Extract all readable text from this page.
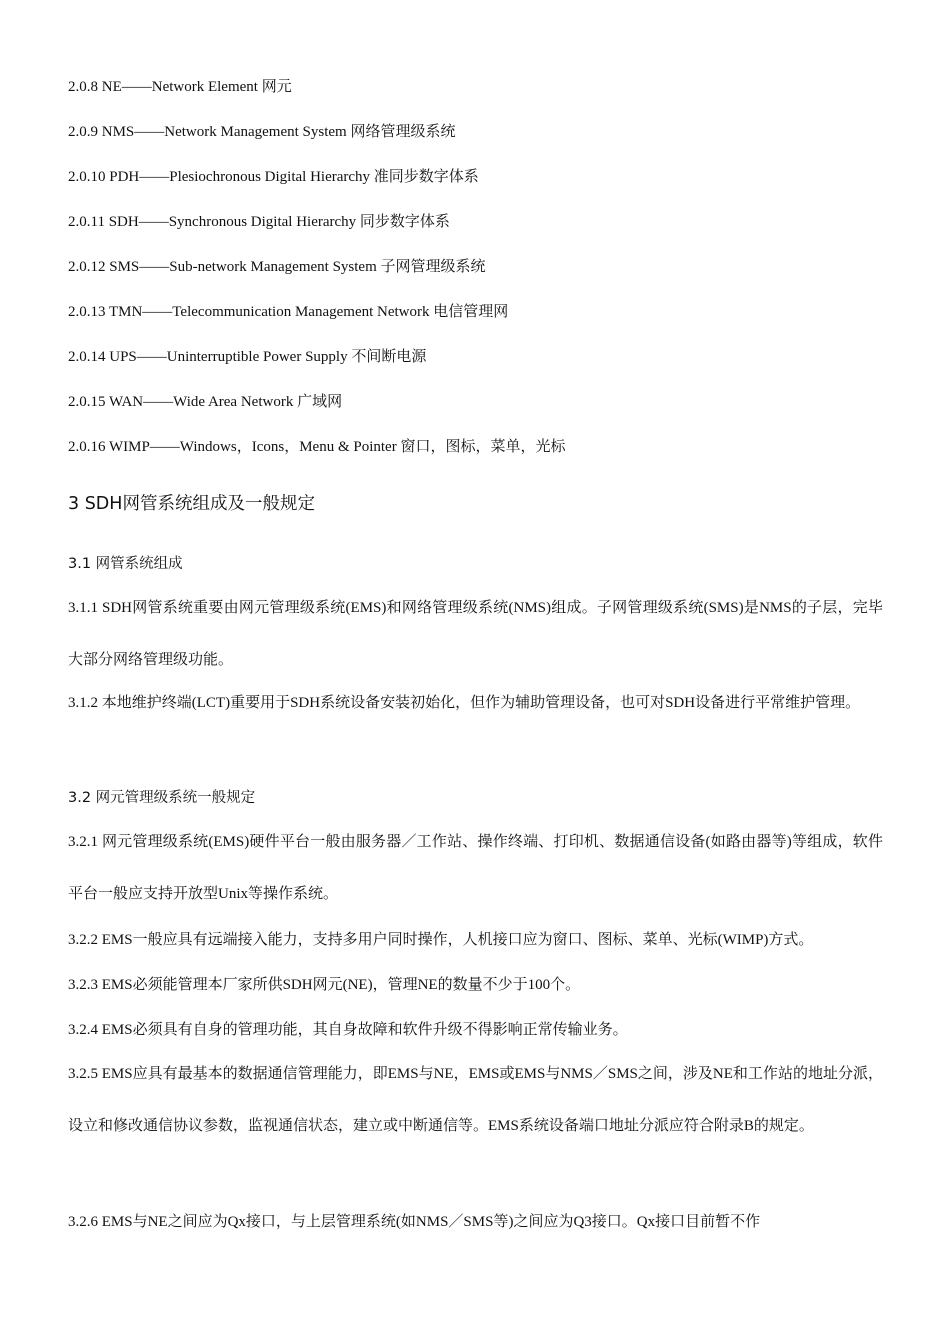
2.0.8 NE——Network Element 网元
2.0.9 NMS——Network Management System 网络管理级系统
2.0.10 PDH——Plesiochronous Digital Hierarchy 准同步数字体系
2.0.11 SDH——Synchronous Digital Hierarchy 同步数字体系
2.0.12 SMS——Sub-network Management System 子网管理级系统
2.0.13 TMN——Telecommunication Management Network 电信管理网
2.0.14 UPS——Uninterruptible Power Supply 不间断电源
2.0.15 WAN——Wide Area Network 广域网
2.0.16 WIMP——Windows，Icons，Menu & Pointer 窗口，图标，菜单，光标
3 SDH网管系统组成及一般规定
3.1 网管系统组成

3.1.1 SDH网管系统重要由网元管理级系统(EMS)和网络管理级系统(NMS)组成。子网管理级系统(SMS)是NMS的子层，完毕大部分网络管理级功能。

3.1.2 本地维护终端(LCT)重要用于SDH系统设备安装初始化，但作为辅助管理设备，也可对SDH设备进行平常维护管理。

3.2 网元管理级系统一般规定

3.2.1 网元管理级系统(EMS)硬件平台一般由服务器／工作站、操作终端、打印机、数据通信设备(如路由器等)等组成，软件平台一般应支持开放型Unix等操作系统。

3.2.2 EMS一般应具有远端接入能力，支持多用户同时操作，人机接口应为窗口、图标、菜单、光标(WIMP)方式。
3.2.3 EMS必须能管理本厂家所供SDH网元(NE)，管理NE的数量不少于100个。
3.2.4 EMS必须具有自身的管理功能，其自身故障和软件升级不得影响正常传输业务。

3.2.5 EMS应具有最基本的数据通信管理能力，即EMS与NE，EMS或EMS与NMS／SMS之间，涉及NE和工作站的地址分派，设立和修改通信协议参数，监视通信状态，建立或中断通信等。EMS系统设备端口地址分派应符合附录B的规定。

3.2.6 EMS与NE之间应为Qx接口，与上层管理系统(如NMS／SMS等)之间应为Q3接口。Qx接口目前暂不作
